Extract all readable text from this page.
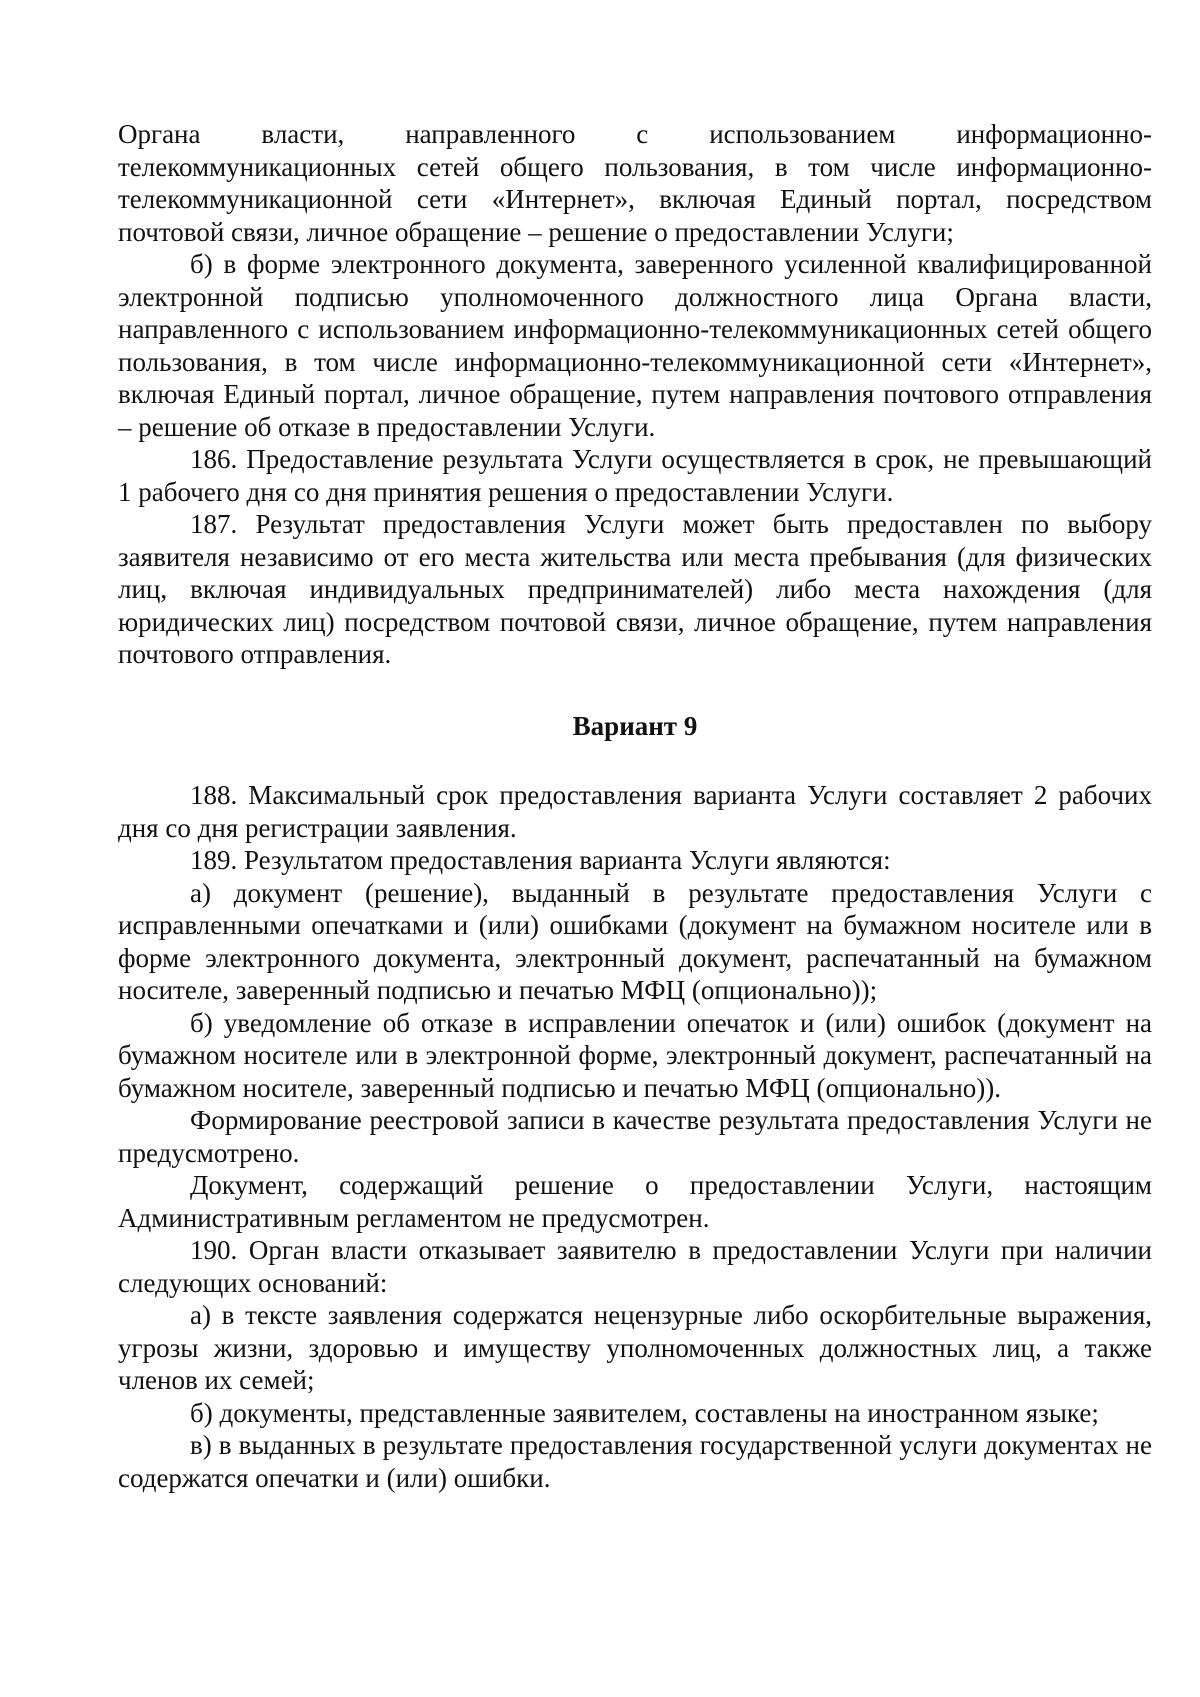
Органа власти, направленного с использованием информационно-телекоммуникационных сетей общего пользования, в том числе информационно-телекоммуникационной сети «Интернет», включая Единый портал, посредством почтовой связи, личное обращение – решение о предоставлении Услуги;

б) в форме электронного документа, заверенного усиленной квалифицированной электронной подписью уполномоченного должностного лица Органа власти, направленного с использованием информационно-телекоммуникационных сетей общего пользования, в том числе информационно-телекоммуникационной сети «Интернет», включая Единый портал, личное обращение, путем направления почтового отправления – решение об отказе в предоставлении Услуги.

186. Предоставление результата Услуги осуществляется в срок, не превышающий 1 рабочего дня со дня принятия решения о предоставлении Услуги.

187. Результат предоставления Услуги может быть предоставлен по выбору заявителя независимо от его места жительства или места пребывания (для физических лиц, включая индивидуальных предпринимателей) либо места нахождения (для юридических лиц) посредством почтовой связи, личное обращение, путем направления почтового отправления.

Вариант 9

188. Максимальный срок предоставления варианта Услуги составляет 2 рабочих дня со дня регистрации заявления.

189. Результатом предоставления варианта Услуги являются:

а) документ (решение), выданный в результате предоставления Услуги с исправленными опечатками и (или) ошибками (документ на бумажном носителе или в форме электронного документа, электронный документ, распечатанный на бумажном носителе, заверенный подписью и печатью МФЦ (опционально));

б) уведомление об отказе в исправлении опечаток и (или) ошибок (документ на бумажном носителе или в электронной форме, электронный документ, распечатанный на бумажном носителе, заверенный подписью и печатью МФЦ (опционально)).

Формирование реестровой записи в качестве результата предоставления Услуги не предусмотрено.

Документ, содержащий решение о предоставлении Услуги, настоящим Административным регламентом не предусмотрен.

190. Орган власти отказывает заявителю в предоставлении Услуги при наличии следующих оснований:

а) в тексте заявления содержатся нецензурные либо оскорбительные выражения, угрозы жизни, здоровью и имуществу уполномоченных должностных лиц, а также членов их семей;

б) документы, представленные заявителем, составлены на иностранном языке;

в) в выданных в результате предоставления государственной услуги документах не содержатся опечатки и (или) ошибки.
